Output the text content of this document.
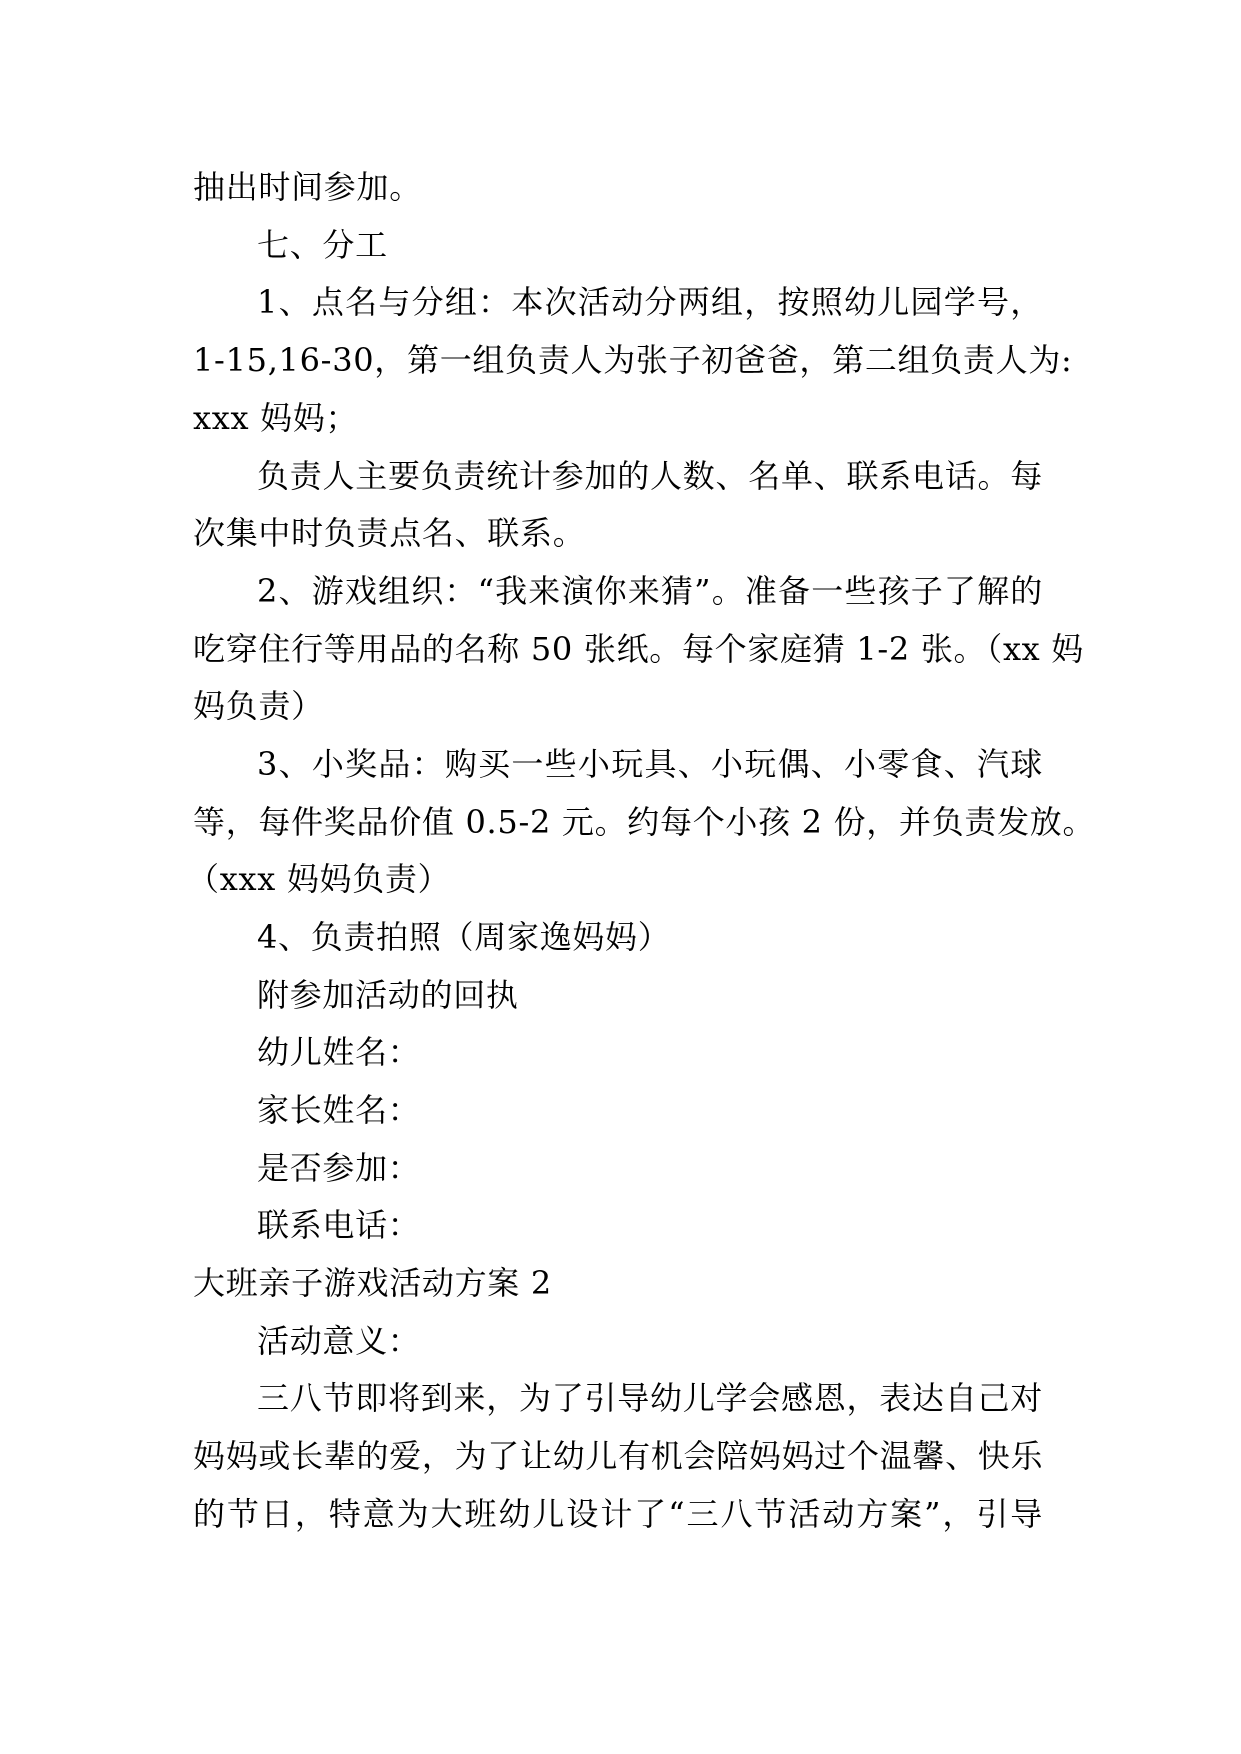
抽出时间参加。

七、分工

1、点名与分组：本次活动分两组，按照幼儿园学号，

1-15,16-30，第一组负责人为张子初爸爸，第二组负责人为:

xxx 妈妈；

负责人主要负责统计参加的人数、名单、联系电话。每

次集中时负责点名、联系。

2、游戏组织：“我来演你来猜”。准备一些孩子了解的

吃穿住行等用品的名称 50 张纸。每个家庭猜 1-2 张。（xx 妈

妈负责）

3、小奖品：购买一些小玩具、小玩偶、小零食、汽球

等，每件奖品价值 0.5-2 元。约每个小孩 2 份，并负责发放。

（xxx 妈妈负责）

4、负责拍照（周家逸妈妈）

附参加活动的回执

幼儿姓名：

家长姓名：

是否参加：

联系电话：

大班亲子游戏活动方案 2

活动意义：

三八节即将到来，为了引导幼儿学会感恩，表达自己对

妈妈或长辈的爱，为了让幼儿有机会陪妈妈过个温馨、快乐

的节日，特意为大班幼儿设计了“三八节活动方案”，引导
